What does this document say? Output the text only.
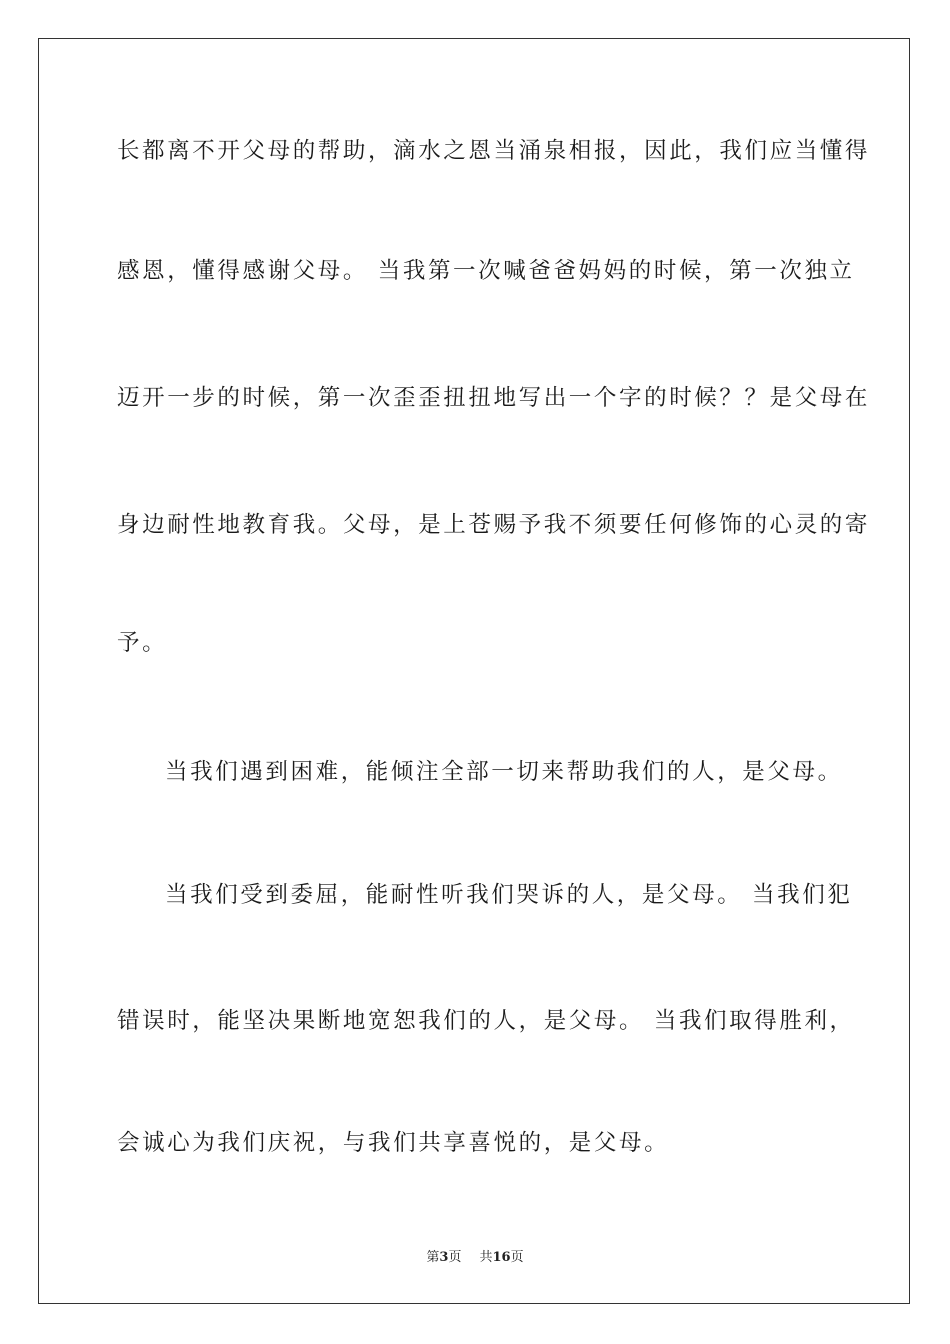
长都离不开父母的帮助，滴水之恩当涌泉相报，因此，我们应当懂得
感恩，懂得感谢父母。 当我第一次喊爸爸妈妈的时候，第一次独立
迈开一步的时候，第一次歪歪扭扭地写出一个字的时候？？是父母在
身边耐性地教育我。父母，是上苍赐予我不须要任何修饰的心灵的寄
予。
当我们遇到困难，能倾注全部一切来帮助我们的人，是父母。
当我们受到委屈，能耐性听我们哭诉的人，是父母。 当我们犯
错误时，能坚决果断地宽恕我们的人，是父母。 当我们取得胜利，
会诚心为我们庆祝，与我们共享喜悦的，是父母。
第3页 共16页
